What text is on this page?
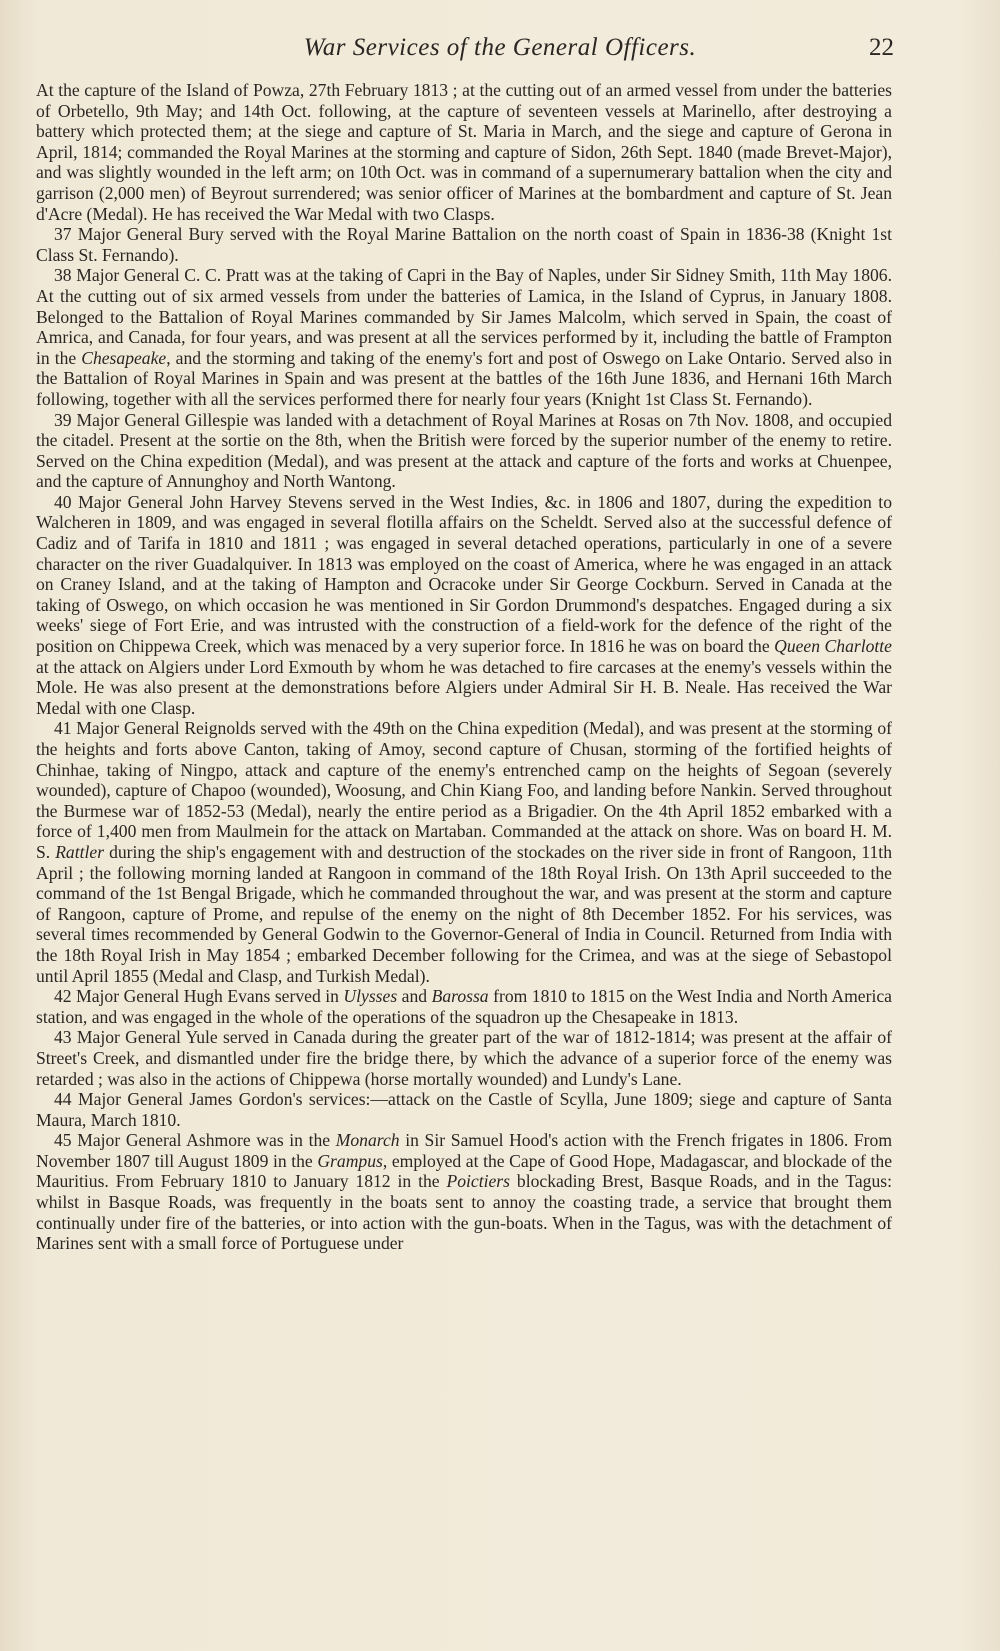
War Services of the General Officers.	22

At the capture of the Island of Powza, 27th February 1813 ; at the cutting out of an armed vessel from under the batteries of Orbetello, 9th May; and 14th Oct. following, at the capture of seventeen vessels at Marinello, after destroying a battery which protected them; at the siege and capture of St. Maria in March, and the siege and capture of Gerona in April, 1814; commanded the Royal Marines at the storming and capture of Sidon, 26th Sept. 1840 (made Brevet-Major), and was slightly wounded in the left arm; on 10th Oct. was in command of a supernumerary battalion when the city and garrison (2,000 men) of Beyrout surrendered; was senior officer of Marines at the bombardment and capture of St. Jean d'Acre (Medal). He has received the War Medal with two Clasps.

37 Major General Bury served with the Royal Marine Battalion on the north coast of Spain in 1836-38 (Knight 1st Class St. Fernando).

38 Major General C. C. Pratt was at the taking of Capri in the Bay of Naples, under Sir Sidney Smith, 11th May 1806. At the cutting out of six armed vessels from under the batteries of Lamica, in the Island of Cyprus, in January 1808. Belonged to the Battalion of Royal Marines commanded by Sir James Malcolm, which served in Spain, the coast of Amrica, and Canada, for four years, and was present at all the services performed by it, including the battle of Frampton in the Chesapeake, and the storming and taking of the enemy's fort and post of Oswego on Lake Ontario. Served also in the Battalion of Royal Marines in Spain and was present at the battles of the 16th June 1836, and Hernani 16th March following, together with all the services performed there for nearly four years (Knight 1st Class St. Fernando).

39 Major General Gillespie was landed with a detachment of Royal Marines at Rosas on 7th Nov. 1808, and occupied the citadel. Present at the sortie on the 8th, when the British were forced by the superior number of the enemy to retire. Served on the China expedition (Medal), and was present at the attack and capture of the forts and works at Chuenpee, and the capture of Annunghoy and North Wantong.

40 Major General John Harvey Stevens served in the West Indies, &c. in 1806 and 1807, during the expedition to Walcheren in 1809, and was engaged in several flotilla affairs on the Scheldt. Served also at the successful defence of Cadiz and of Tarifa in 1810 and 1811 ; was engaged in several detached operations, particularly in one of a severe character on the river Guadalquiver. In 1813 was employed on the coast of America, where he was engaged in an attack on Craney Island, and at the taking of Hampton and Ocracoke under Sir George Cockburn. Served in Canada at the taking of Oswego, on which occasion he was mentioned in Sir Gordon Drummond's despatches. Engaged during a six weeks' siege of Fort Erie, and was intrusted with the construction of a field-work for the defence of the right of the position on Chippewa Creek, which was menaced by a very superior force. In 1816 he was on board the Queen Charlotte at the attack on Algiers under Lord Exmouth by whom he was detached to fire carcases at the enemy's vessels within the Mole. He was also present at the demonstrations before Algiers under Admiral Sir H. B. Neale. Has received the War Medal with one Clasp.

41 Major General Reignolds served with the 49th on the China expedition (Medal), and was present at the storming of the heights and forts above Canton, taking of Amoy, second capture of Chusan, storming of the fortified heights of Chinhae, taking of Ningpo, attack and capture of the enemy's entrenched camp on the heights of Segoan (severely wounded), capture of Chapoo (wounded), Woosung, and Chin Kiang Foo, and landing before Nankin. Served throughout the Burmese war of 1852-53 (Medal), nearly the entire period as a Brigadier. On the 4th April 1852 embarked with a force of 1,400 men from Maulmein for the attack on Martaban. Commanded at the attack on shore. Was on board H. M. S. Rattler during the ship's engagement with and destruction of the stockades on the river side in front of Rangoon, 11th April ; the following morning landed at Rangoon in command of the 18th Royal Irish. On 13th April succeeded to the command of the 1st Bengal Brigade, which he commanded throughout the war, and was present at the storm and capture of Rangoon, capture of Prome, and repulse of the enemy on the night of 8th December 1852. For his services, was several times recommended by General Godwin to the Governor-General of India in Council. Returned from India with the 18th Royal Irish in May 1854 ; embarked December following for the Crimea, and was at the siege of Sebastopol until April 1855 (Medal and Clasp, and Turkish Medal).

42 Major General Hugh Evans served in Ulysses and Barossa from 1810 to 1815 on the West India and North America station, and was engaged in the whole of the operations of the squadron up the Chesapeake in 1813.

43 Major General Yule served in Canada during the greater part of the war of 1812-1814; was present at the affair of Street's Creek, and dismantled under fire the bridge there, by which the advance of a superior force of the enemy was retarded ; was also in the actions of Chippewa (horse mortally wounded) and Lundy's Lane.

44 Major General James Gordon's services:—attack on the Castle of Scylla, June 1809; siege and capture of Santa Maura, March 1810.

45 Major General Ashmore was in the Monarch in Sir Samuel Hood's action with the French frigates in 1806. From November 1807 till August 1809 in the Grampus, employed at the Cape of Good Hope, Madagascar, and blockade of the Mauritius. From February 1810 to January 1812 in the Poictiers blockading Brest, Basque Roads, and in the Tagus: whilst in Basque Roads, was frequently in the boats sent to annoy the coasting trade, a service that brought them continually under fire of the batteries, or into action with the gun-boats. When in the Tagus, was with the detachment of Marines sent with a small force of Portuguese under
